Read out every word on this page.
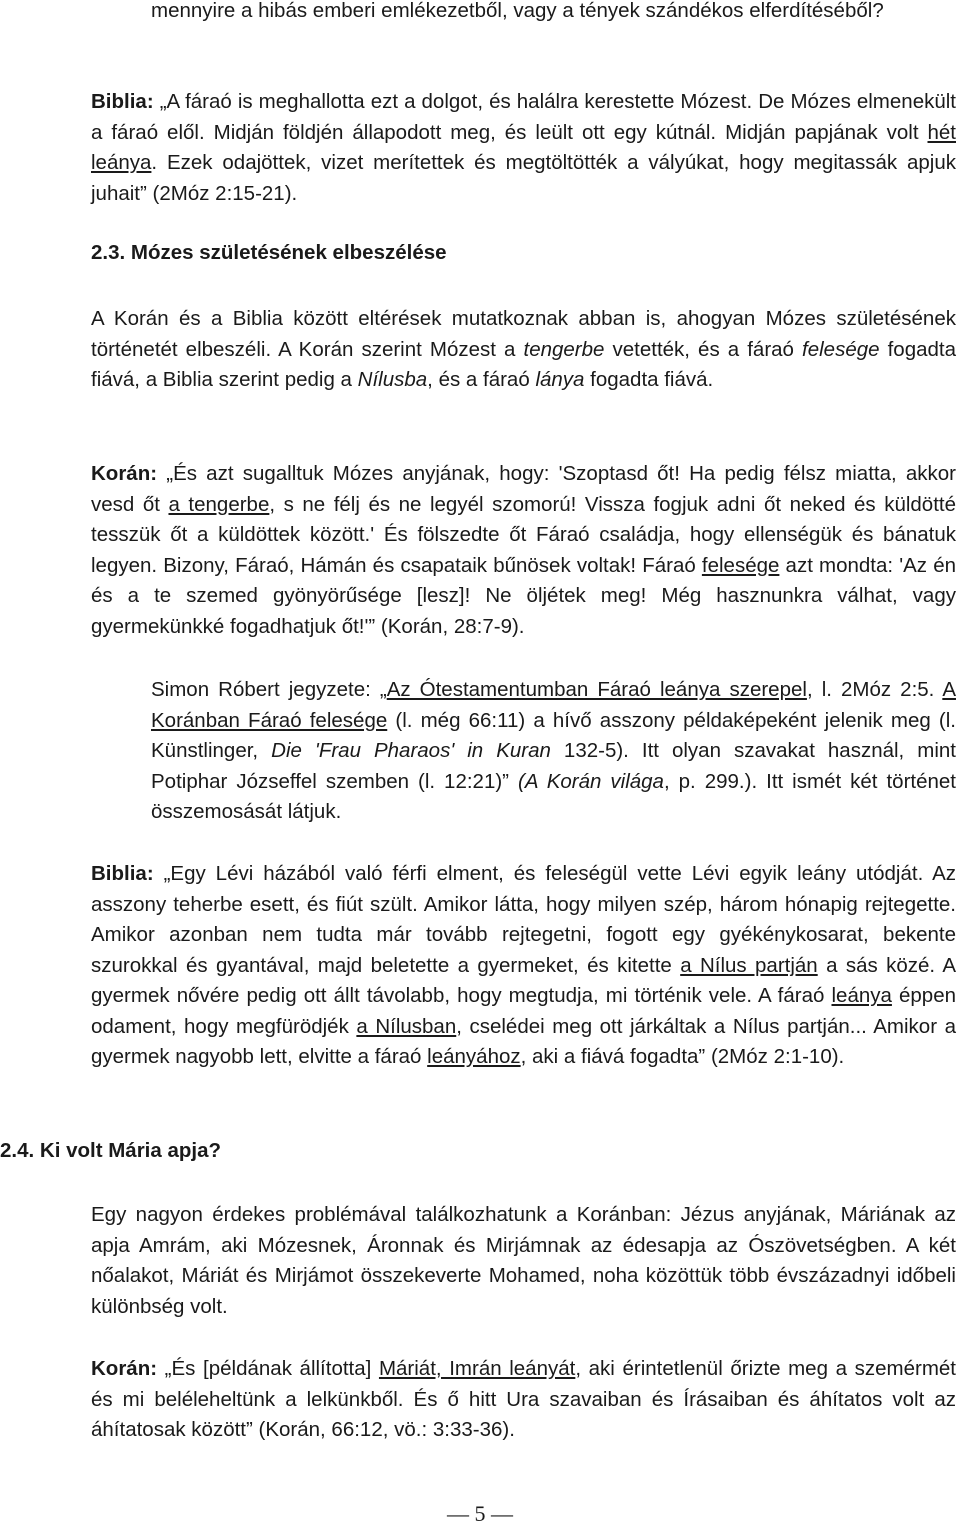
mennyire a hibás emberi emlékezetből, vagy a tények szándékos elferdítéséből?

Biblia: „A fáraó is meghallotta ezt a dolgot, és halálra kerestette Mózest. De Mózes elmenekült a fáraó elől. Midján földjén állapodott meg, és leült ott egy kútnál. Midján papjának volt hét leánya. Ezek odajöttek, vizet merítettek és megtöltötték a vályúkat, hogy megitassák apjuk juhait” (2Móz 2:15-21).

2.3. Mózes születésének elbeszélése

A Korán és a Biblia között eltérések mutatkoznak abban is, ahogyan Mózes születésének történetét elbeszéli. A Korán szerint Mózest a tengerbe vetették, és a fáraó felesége fogadta fiává, a Biblia szerint pedig a Nílusba, és a fáraó lánya fogadta fiává.

Korán: „És azt sugalltuk Mózes anyjának, hogy: 'Szoptasd őt! Ha pedig félsz miatta, akkor vesd őt a tengerbe, s ne félj és ne legyél szomorú! Vissza fogjuk adni őt neked és küldötté tesszük őt a küldöttek között.' És fölszedte őt Fáraó családja, hogy ellenségük és bánatuk legyen. Bizony, Fáraó, Hámán és csapataik bűnösek voltak! Fáraó felesége azt mondta: 'Az én és a te szemed gyönyörűsége [lesz]! Ne öljétek meg! Még hasznunkra válhat, vagy gyermekünkké fogadhatjuk őt!'” (Korán, 28:7-9).

Simon Róbert jegyzete: „Az Ótestamentumban Fáraó leánya szerepel, l. 2Móz 2:5. A Koránban Fáraó felesége (l. még 66:11) a hívő asszony példaképeként jelenik meg (l. Künstlinger, Die 'Frau Pharaos' in Kuran 132-5). Itt olyan szavakat használ, mint Potiphar Józseffel szemben (l. 12:21)” (A Korán világa, p. 299.). Itt ismét két történet összemosását látjuk.

Biblia: „Egy Lévi házából való férfi elment, és feleségül vette Lévi egyik leány utódját. Az asszony teherbe esett, és fiút szült. Amikor látta, hogy milyen szép, három hónapig rejtegette. Amikor azonban nem tudta már tovább rejtegetni, fogott egy gyékénykosarat, bekente szurokkal és gyantával, majd beletette a gyermeket, és kitette a Nílus partján a sás közé. A gyermek nővére pedig ott állt távolabb, hogy megtudja, mi történik vele. A fáraó leánya éppen odament, hogy megfürödjék a Nílusban, cselédei meg ott járkáltak a Nílus partján... Amikor a gyermek nagyobb lett, elvitte a fáraó leányához, aki a fiává fogadta” (2Móz 2:1-10).

2.4. Ki volt Mária apja?

Egy nagyon érdekes problémával találkozhatunk a Koránban: Jézus anyjának, Máriának az apja Amrám, aki Mózesnek, Áronnak és Mirjámnak az édesapja az Ószövetségben. A két nőalakot, Máriát és Mirjámot összekeverte Mohamed, noha közöttük több évszázadnyi időbeli különbség volt.

Korán: „És [példának állította] Máriát, Imrán leányát, aki érintetlenül őrizte meg a szemérmét és mi beléleheltünk a lelkünkből. És ő hitt Ura szavaiban és Írásaiban és áhítatos volt az áhítatosak között” (Korán, 66:12, vö.: 3:33-36).

— 5 —
